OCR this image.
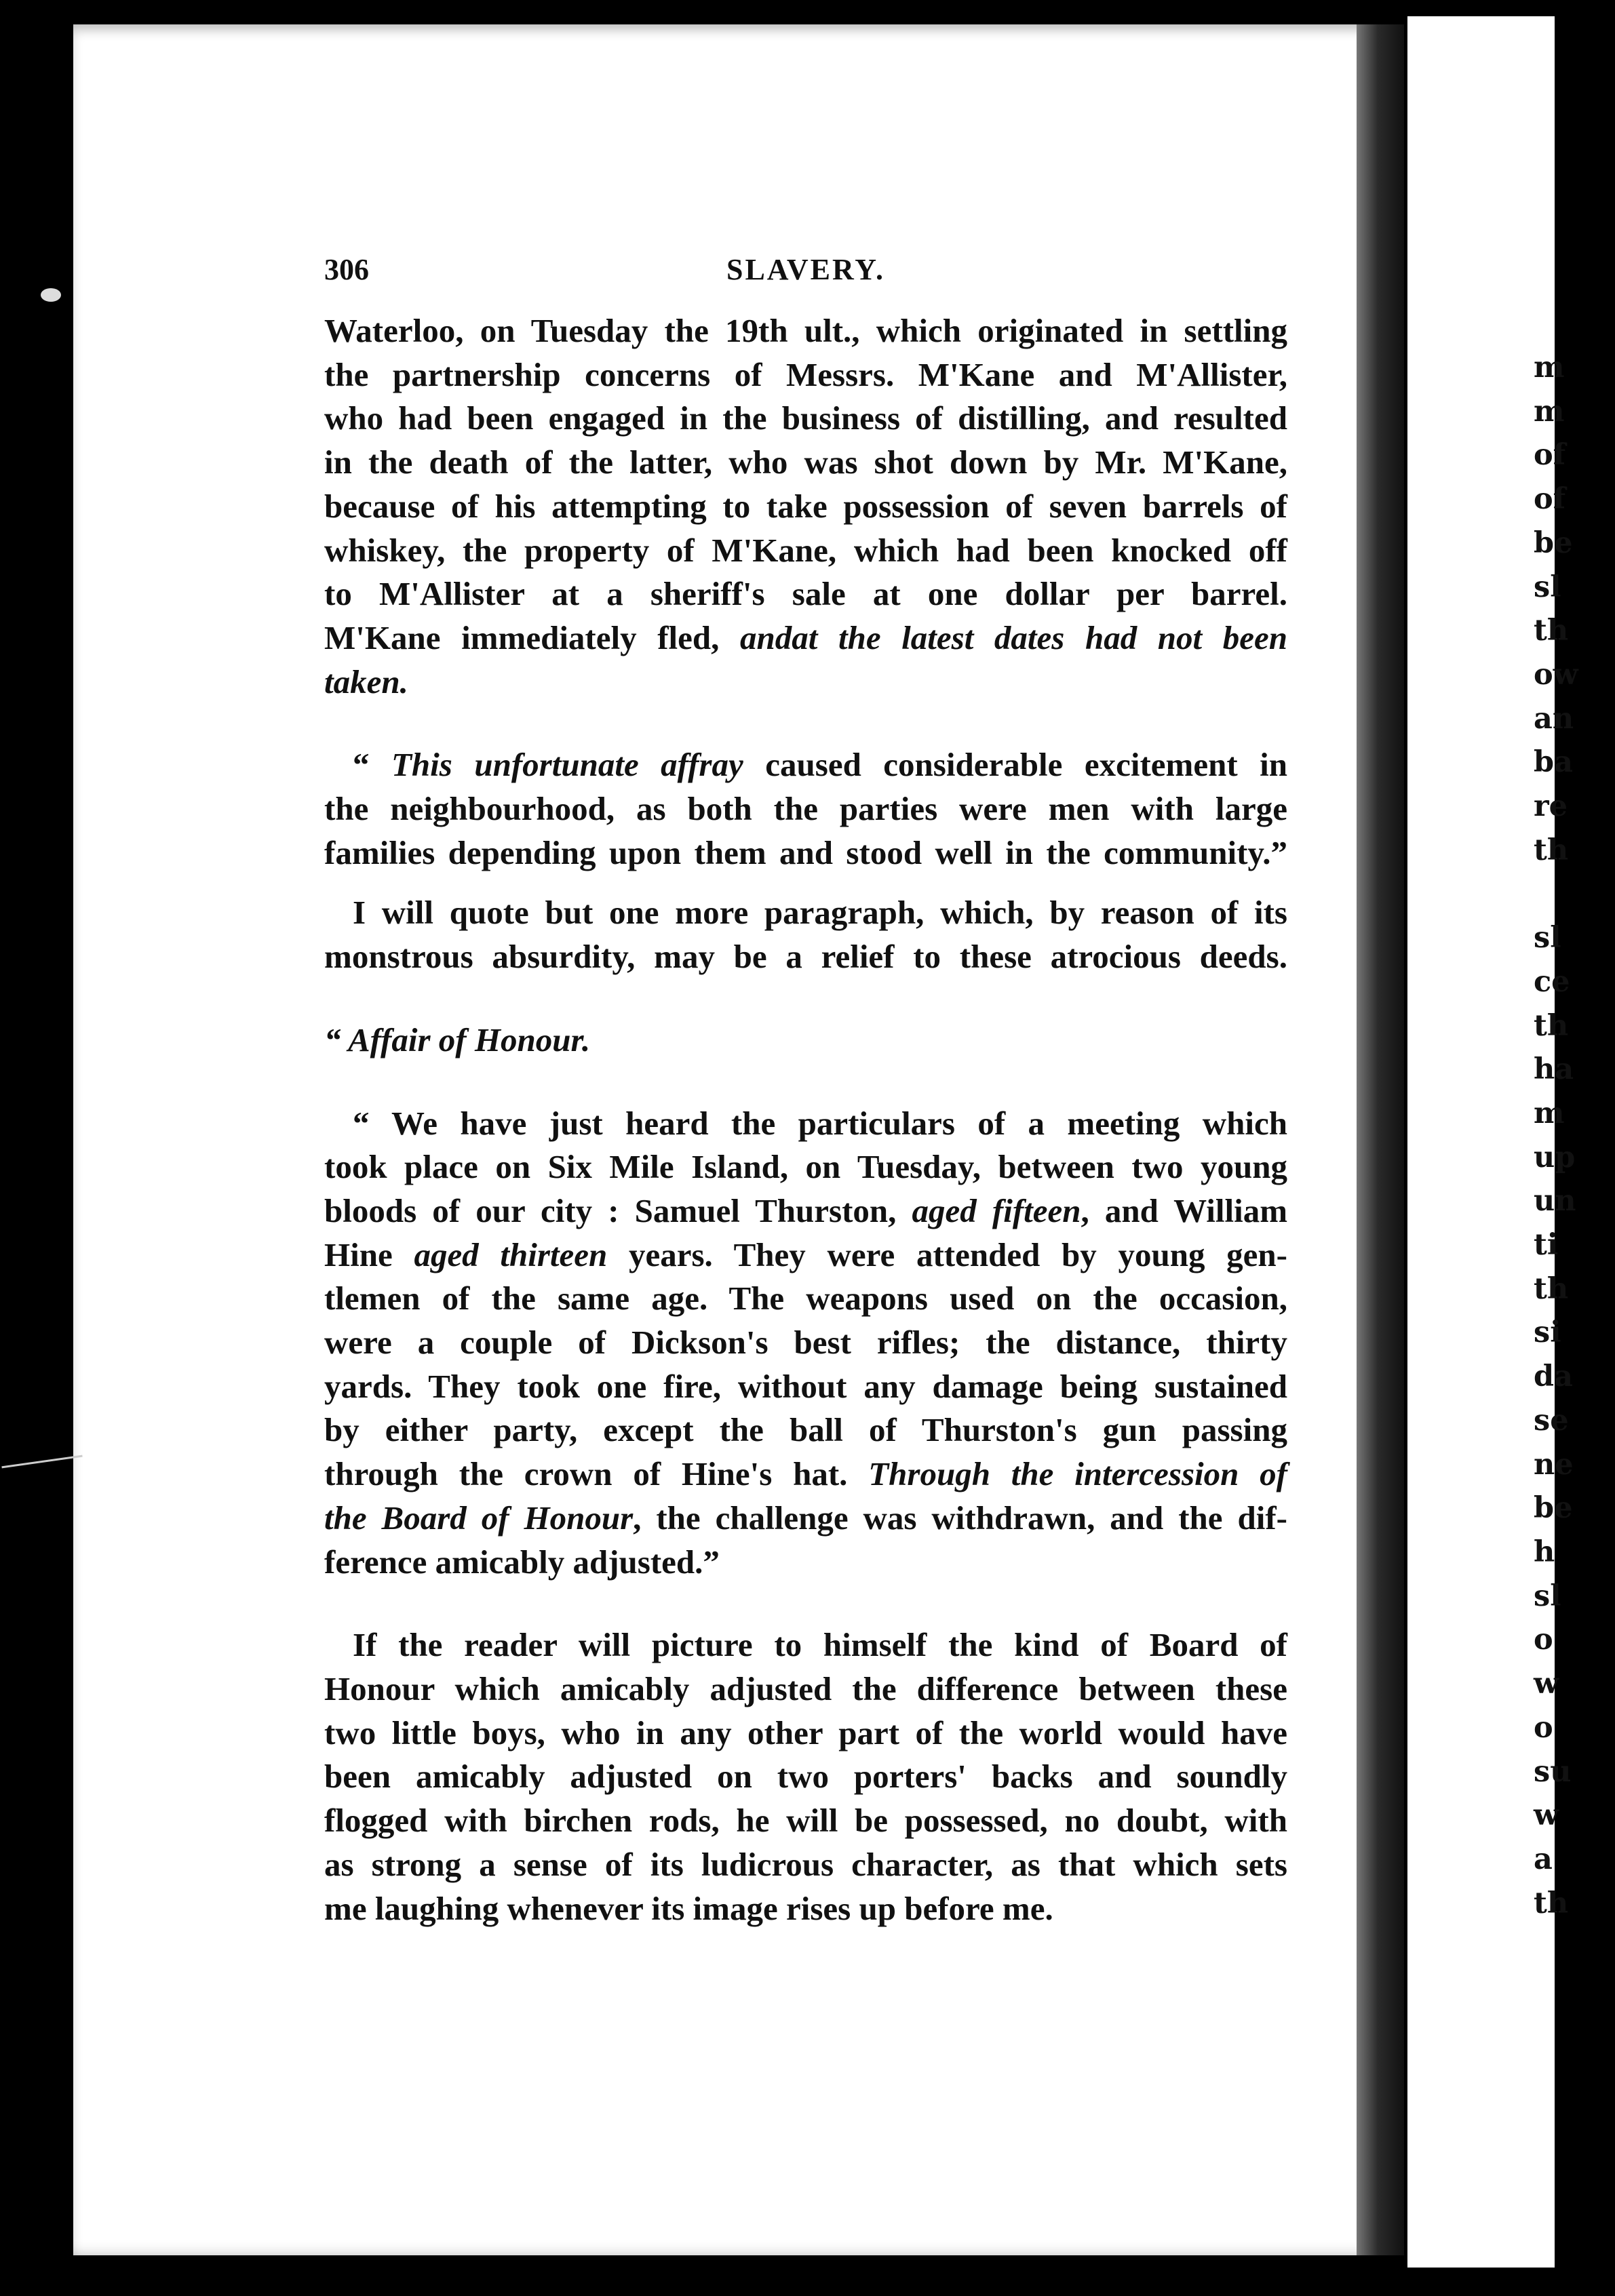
m
m
of
of
be
sl
th
ow
an
ba
re
th

sl
ce
th
ha
m
up
un
ti
th
si
da
se
ne
be
h
sl
o
w
o
su
w
a
th
306	SLAVERY.
Waterloo, on Tuesday the 19th ult., which originated in settling
the partnership concerns of Messrs. M'Kane and M'Allister,
who had been engaged in the business of distilling, and resulted
in the death of the latter, who was shot down by Mr. M'Kane,
because of his attempting to take possession of seven barrels of
whiskey, the property of M'Kane, which had been knocked off
to M'Allister at a sheriff's sale at one dollar per barrel.
M'Kane immediately fled, andat the latest dates had not been
taken.
“ This unfortunate affray caused considerable excitement in
the neighbourhood, as both the parties were men with large
families depending upon them and stood well in the community.”
I will quote but one more paragraph, which, by reason of its
monstrous absurdity, may be a relief to these atrocious deeds.
“ Affair of Honour.
“ We have just heard the particulars of a meeting which
took place on Six Mile Island, on Tuesday, between two young
bloods of our city : Samuel Thurston, aged fifteen, and William
Hine aged thirteen years. They were attended by young gen-
tlemen of the same age. The weapons used on the occasion,
were a couple of Dickson's best rifles; the distance, thirty
yards. They took one fire, without any damage being sustained
by either party, except the ball of Thurston's gun passing
through the crown of Hine's hat. Through the intercession of
the Board of Honour, the challenge was withdrawn, and the dif-
ference amicably adjusted.”
If the reader will picture to himself the kind of Board of
Honour which amicably adjusted the difference between these
two little boys, who in any other part of the world would have
been amicably adjusted on two porters' backs and soundly
flogged with birchen rods, he will be possessed, no doubt, with
as strong a sense of its ludicrous character, as that which sets
me laughing whenever its image rises up before me.
